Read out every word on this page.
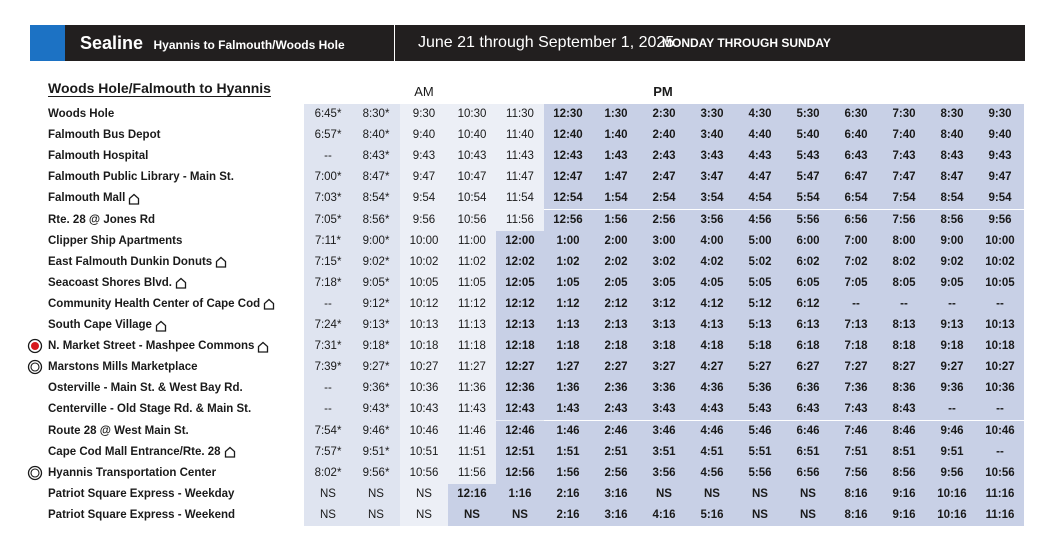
Sealine Hyannis to Falmouth/Woods Hole	June 21 through September 1, 2025
MONDAY THROUGH SUNDAY
Woods Hole/Falmouth to Hyannis	AM	PM
Woods Hole	6:45*	8:30*	9:30	10:30	11:30	12:30	1:30	2:30	3:30	4:30	5:30	6:30	7:30	8:30	9:30
Falmouth Bus Depot	6:57*	8:40*	9:40	10:40	11:40	12:40	1:40	2:40	3:40	4:40	5:40	6:40	7:40	8:40	9:40
Falmouth Hospital	--	8:43*	9:43	10:43	11:43	12:43	1:43	2:43	3:43	4:43	5:43	6:43	7:43	8:43	9:43
Falmouth Public Library - Main St.	7:00*	8:47*	9:47	10:47	11:47	12:47	1:47	2:47	3:47	4:47	5:47	6:47	7:47	8:47	9:47
Falmouth Mall	7:03*	8:54*	9:54	10:54	11:54	12:54	1:54	2:54	3:54	4:54	5:54	6:54	7:54	8:54	9:54
Rte. 28 @ Jones Rd	7:05*	8:56*	9:56	10:56	11:56	12:56	1:56	2:56	3:56	4:56	5:56	6:56	7:56	8:56	9:56
Clipper Ship Apartments	7:11*	9:00*	10:00	11:00	12:00	1:00	2:00	3:00	4:00	5:00	6:00	7:00	8:00	9:00	10:00
East Falmouth Dunkin Donuts	7:15*	9:02*	10:02	11:02	12:02	1:02	2:02	3:02	4:02	5:02	6:02	7:02	8:02	9:02	10:02
Seacoast Shores Blvd.	7:18*	9:05*	10:05	11:05	12:05	1:05	2:05	3:05	4:05	5:05	6:05	7:05	8:05	9:05	10:05
Community Health Center of Cape Cod	--	9:12*	10:12	11:12	12:12	1:12	2:12	3:12	4:12	5:12	6:12	--	--	--	--
South Cape Village	7:24*	9:13*	10:13	11:13	12:13	1:13	2:13	3:13	4:13	5:13	6:13	7:13	8:13	9:13	10:13
N. Market Street - Mashpee Commons	7:31*	9:18*	10:18	11:18	12:18	1:18	2:18	3:18	4:18	5:18	6:18	7:18	8:18	9:18	10:18
Marstons Mills Marketplace	7:39*	9:27*	10:27	11:27	12:27	1:27	2:27	3:27	4:27	5:27	6:27	7:27	8:27	9:27	10:27
Osterville - Main St. & West Bay Rd.	--	9:36*	10:36	11:36	12:36	1:36	2:36	3:36	4:36	5:36	6:36	7:36	8:36	9:36	10:36
Centerville - Old Stage Rd. & Main St.	--	9:43*	10:43	11:43	12:43	1:43	2:43	3:43	4:43	5:43	6:43	7:43	8:43	--	--
Route 28 @ West Main St.	7:54*	9:46*	10:46	11:46	12:46	1:46	2:46	3:46	4:46	5:46	6:46	7:46	8:46	9:46	10:46
Cape Cod Mall Entrance/Rte. 28	7:57*	9:51*	10:51	11:51	12:51	1:51	2:51	3:51	4:51	5:51	6:51	7:51	8:51	9:51	--
Hyannis Transportation Center	8:02*	9:56*	10:56	11:56	12:56	1:56	2:56	3:56	4:56	5:56	6:56	7:56	8:56	9:56	10:56
Patriot Square Express - Weekday	NS	NS	NS	12:16	1:16	2:16	3:16	NS	NS	NS	NS	8:16	9:16	10:16	11:16
Patriot Square Express - Weekend	NS	NS	NS	NS	NS	2:16	3:16	4:16	5:16	NS	NS	8:16	9:16	10:16	11:16
